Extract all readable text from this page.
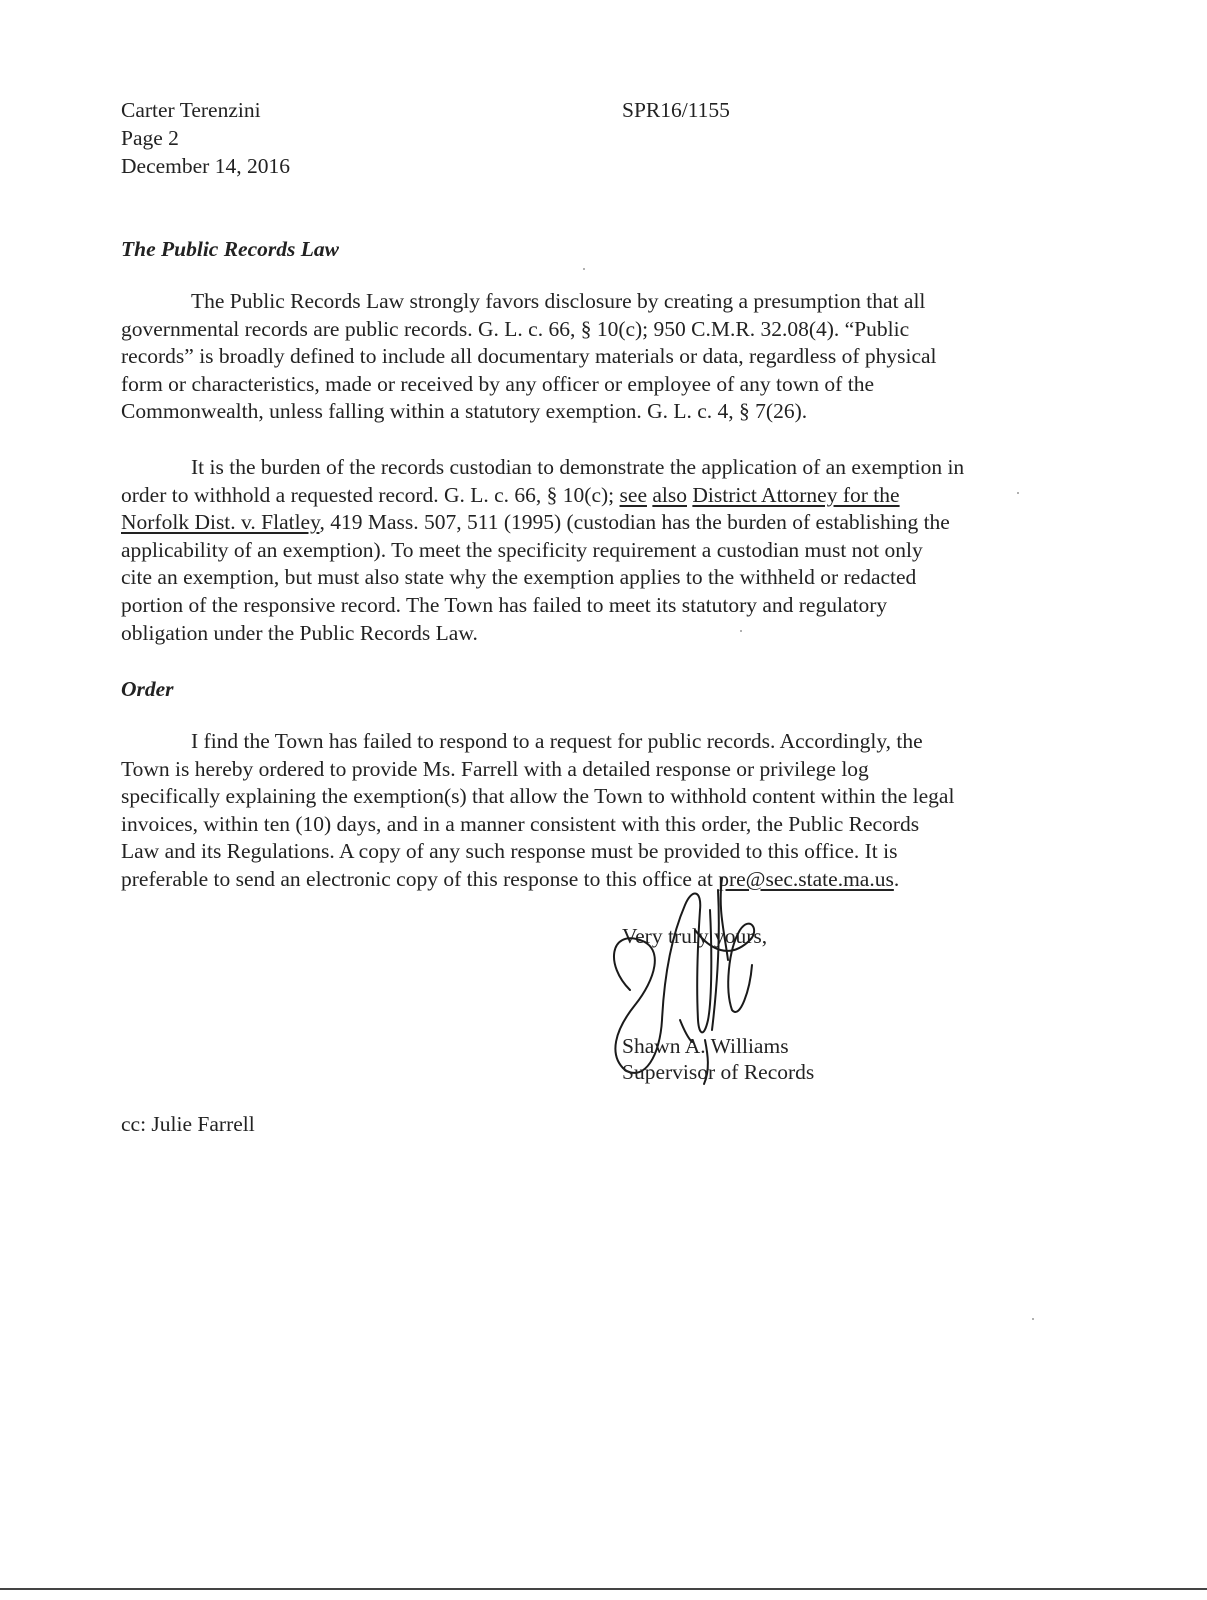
Carter Terenzini
Page 2
December 14, 2016
SPR16/1155
The Public Records Law
The Public Records Law strongly favors disclosure by creating a presumption that all
governmental records are public records. G. L. c. 66, § 10(c); 950 C.M.R. 32.08(4). “Public
records” is broadly defined to include all documentary materials or data, regardless of physical
form or characteristics, made or received by any officer or employee of any town of the
Commonwealth, unless falling within a statutory exemption. G. L. c. 4, § 7(26).
It is the burden of the records custodian to demonstrate the application of an exemption in
order to withhold a requested record. G. L. c. 66, § 10(c); see also District Attorney for the
Norfolk Dist. v. Flatley, 419 Mass. 507, 511 (1995) (custodian has the burden of establishing the
applicability of an exemption). To meet the specificity requirement a custodian must not only
cite an exemption, but must also state why the exemption applies to the withheld or redacted
portion of the responsive record. The Town has failed to meet its statutory and regulatory
obligation under the Public Records Law.
Order
I find the Town has failed to respond to a request for public records. Accordingly, the
Town is hereby ordered to provide Ms. Farrell with a detailed response or privilege log
specifically explaining the exemption(s) that allow the Town to withhold content within the legal
invoices, within ten (10) days, and in a manner consistent with this order, the Public Records
Law and its Regulations. A copy of any such response must be provided to this office. It is
preferable to send an electronic copy of this response to this office at pre@sec.state.ma.us.
Very truly yours,
Shawn A. Williams
Supervisor of Records
cc: Julie Farrell
